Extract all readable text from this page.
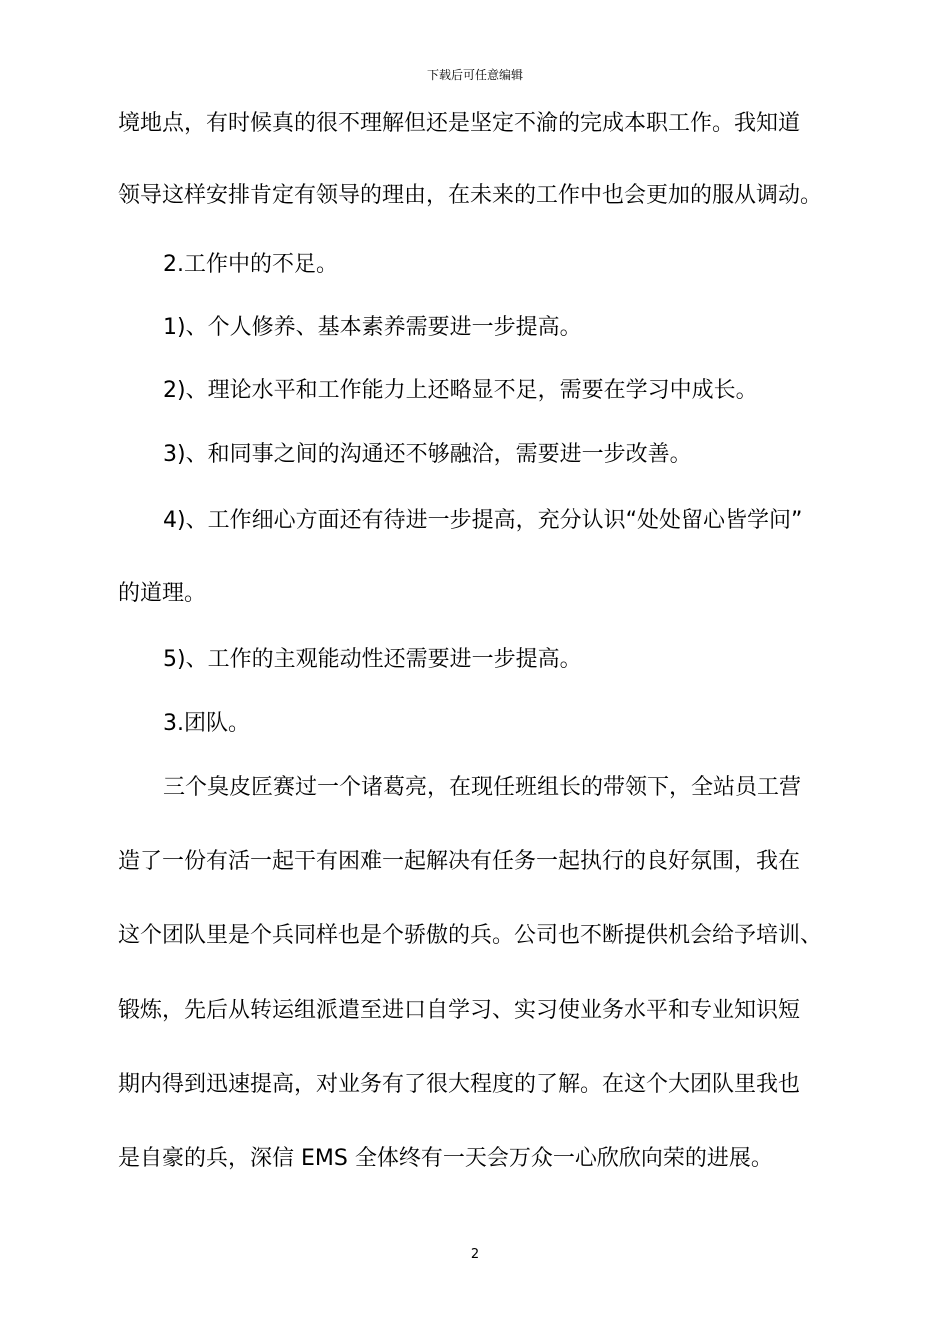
下载后可任意编辑
境地点，有时候真的很不理解但还是坚定不渝的完成本职工作。我知道
领导这样安排肯定有领导的理由，在未来的工作中也会更加的服从调动。
2.工作中的不足。
1)、个人修养、基本素养需要进一步提高。
2)、理论水平和工作能力上还略显不足，需要在学习中成长。
3)、和同事之间的沟通还不够融洽，需要进一步改善。
4)、工作细心方面还有待进一步提高，充分认识“处处留心皆学问”
的道理。
5)、工作的主观能动性还需要进一步提高。
3.团队。
三个臭皮匠赛过一个诸葛亮，在现任班组长的带领下，全站员工营
造了一份有活一起干有困难一起解决有任务一起执行的良好氛围，我在
这个团队里是个兵同样也是个骄傲的兵。公司也不断提供机会给予培训、
锻炼，先后从转运组派遣至进口自学习、实习使业务水平和专业知识短
期内得到迅速提高，对业务有了很大程度的了解。在这个大团队里我也
是自豪的兵，深信 EMS 全体终有一天会万众一心欣欣向荣的进展。
2
